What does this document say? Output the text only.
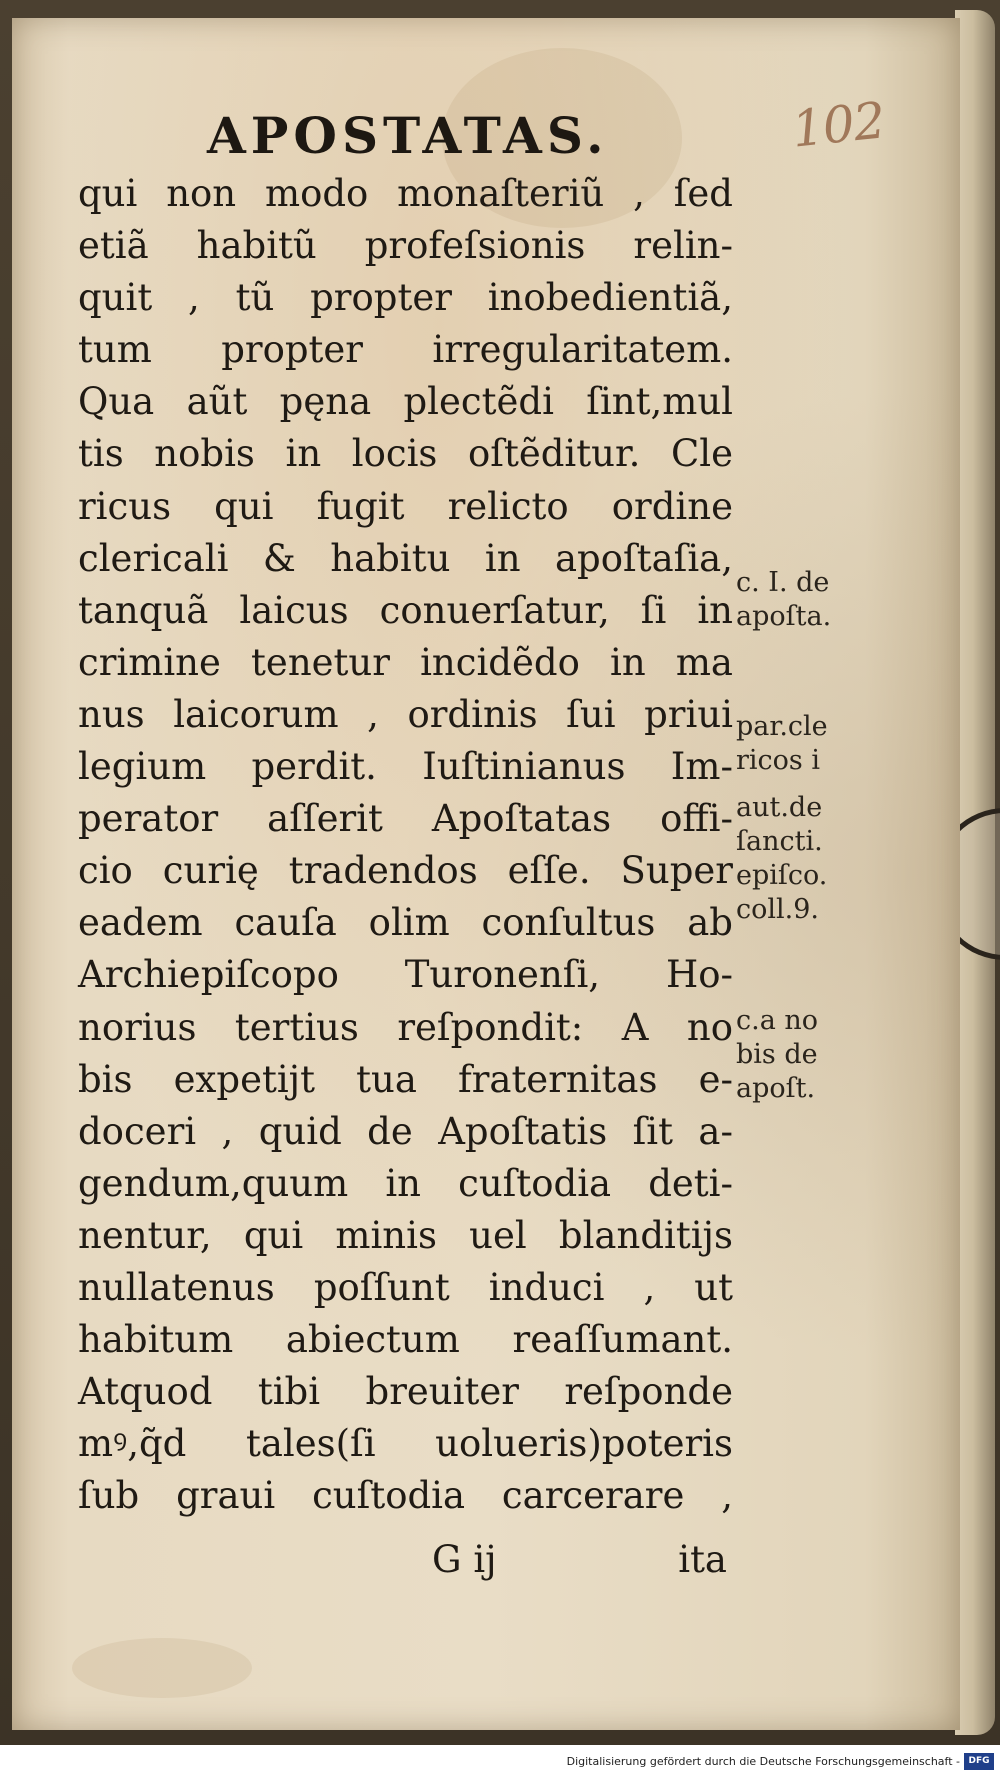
102
APOSTATAS.
qui non modo monaſteriũ , ſed
etiã habitũ profeſsionis relin-
quit , tũ propter inobedientiã,
tum propter irregularitatem.
Qua aũt pęna plectẽdi ſint,mul
tis nobis in locis oſtẽditur. Cle
ricus qui fugit relicto ordine
clericali & habitu in apoſtaſia,
tanquã laicus conuerſatur, ſi in
crimine tenetur incidẽdo in ma
nus laicorum , ordinis ſui priui
legium perdit. Iuſtinianus Im-
perator aſſerit Apoſtatas offi-
cio curię tradendos eſſe. Super
eadem cauſa olim conſultus ab
Archiepiſcopo Turonenſi, Ho-
norius tertius reſpondit: A no
bis expetijt tua fraternitas e-
doceri , quid de Apoſtatis ſit a-
gendum,quum in cuſtodia deti-
nentur, qui minis uel blanditijs
nullatenus poſſunt induci , ut
habitum abiectum reaſſumant.
Atquod tibi breuiter reſponde
mꝰ,q̃d tales(ſi uolueris)poteris
ſub graui cuſtodia carcerare ,
G ij	ita
c. I. de
apoſta.
par.cle
ricos i
aut.de
ſancti.
epiſco.
coll.9.
c.a no
bis de
apoſt.
Digitalisierung gefördert durch die Deutsche Forschungsgemeinschaft - DFG
